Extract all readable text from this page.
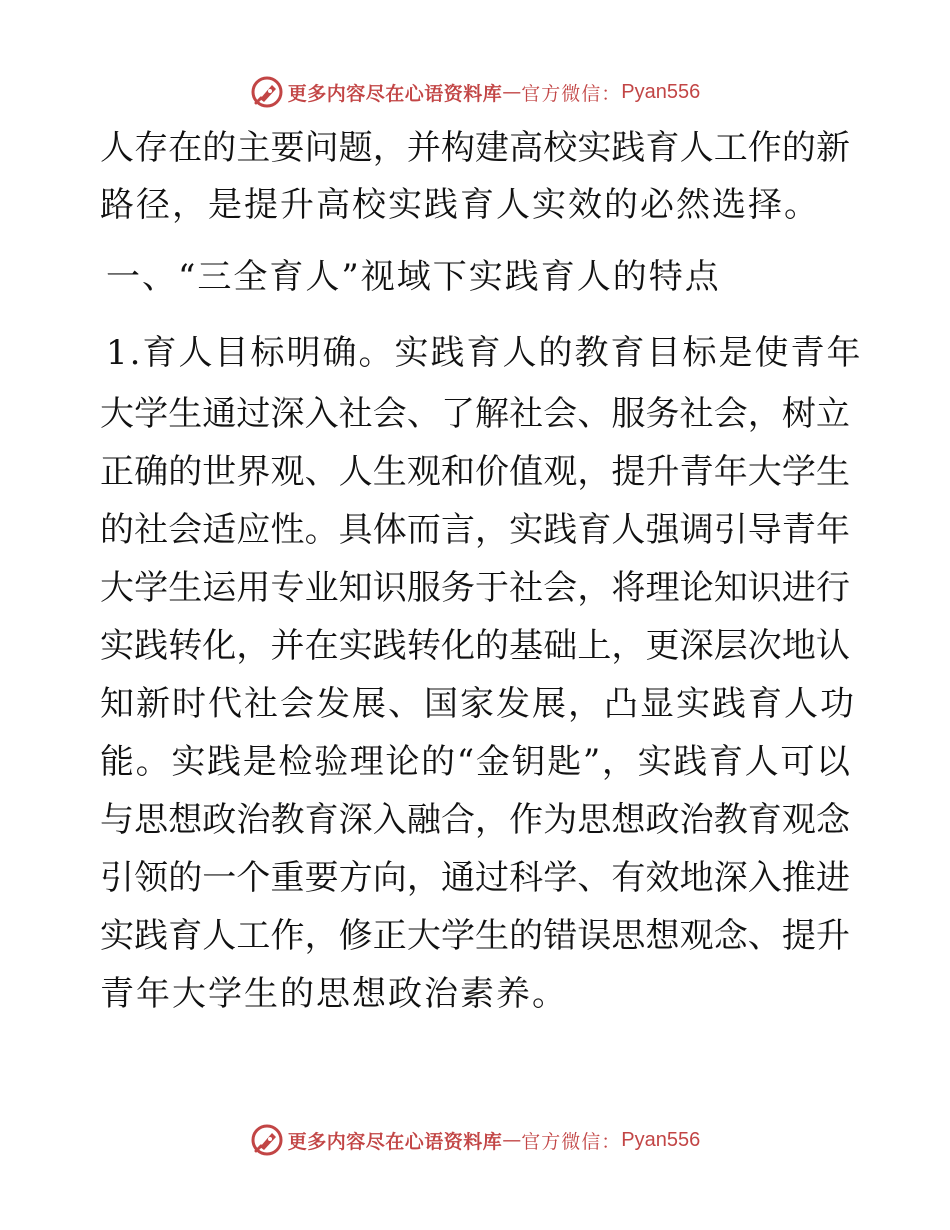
更多内容尽在心语资料库 — 官方微信： Pyan556
人存在的主要问题，并构建高校实践育人工作的新
路径，是提升高校实践育人实效的必然选择。
一、“三全育人”视域下实践育人的特点
1.育人目标明确。实践育人的教育目标是使青年
大学生通过深入社会、了解社会、服务社会，树立
正确的世界观、人生观和价值观，提升青年大学生
的社会适应性。具体而言，实践育人强调引导青年
大学生运用专业知识服务于社会，将理论知识进行
实践转化，并在实践转化的基础上，更深层次地认
知新时代社会发展、国家发展，凸显实践育人功
能。实践是检验理论的“金钥匙”，实践育人可以
与思想政治教育深入融合，作为思想政治教育观念
引领的一个重要方向，通过科学、有效地深入推进
实践育人工作，修正大学生的错误思想观念、提升
青年大学生的思想政治素养。
更多内容尽在心语资料库 — 官方微信： Pyan556
